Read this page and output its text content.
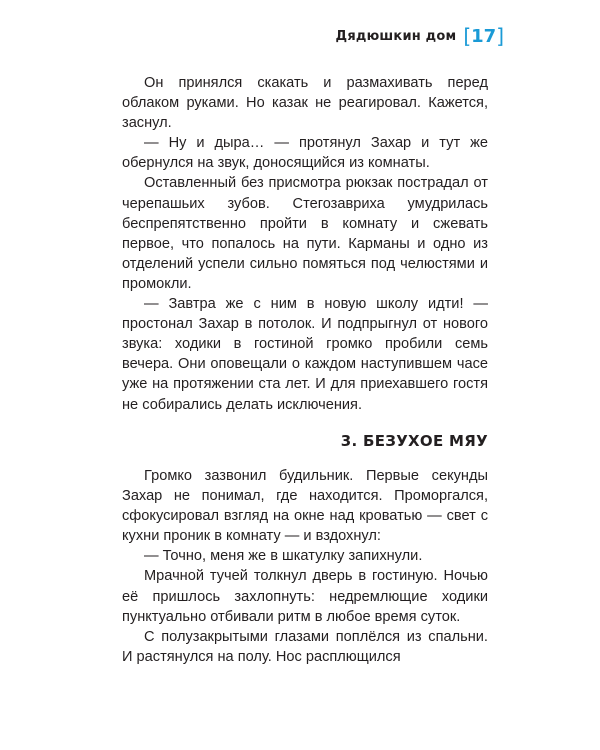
Дядюшкин дом [ 17 ]

Он принялся скакать и размахивать перед облаком руками. Но казак не реагировал. Кажется, заснул.

— Ну и дыра… — протянул Захар и тут же обернулся на звук, доносящийся из комнаты.

Оставленный без присмотра рюкзак пострадал от черепашьих зубов. Стегозавриха умудрилась беспрепятственно пройти в комнату и сжевать первое, что попалось на пути. Карманы и одно из отделений успели сильно помяться под челюстями и промокли.

— Завтра же с ним в новую школу идти! — простонал Захар в потолок. И подпрыгнул от нового звука: ходики в гостиной громко пробили семь вечера. Они оповещали о каждом наступившем часе уже на протяжении ста лет. И для приехавшего гостя не собирались делать исключения.

3. БЕЗУХОЕ МЯУ

Громко зазвонил будильник. Первые секунды Захар не понимал, где находится. Проморгался, сфокусировал взгляд на окне над кроватью — свет с кухни проник в комнату — и вздохнул:

— Точно, меня же в шкатулку запихнули.

Мрачной тучей толкнул дверь в гостиную. Ночью её пришлось захлопнуть: недремлющие ходики пунктуально отбивали ритм в любое время суток.

С полузакрытыми глазами поплёлся из спальни. И растянулся на полу. Нос расплющился
